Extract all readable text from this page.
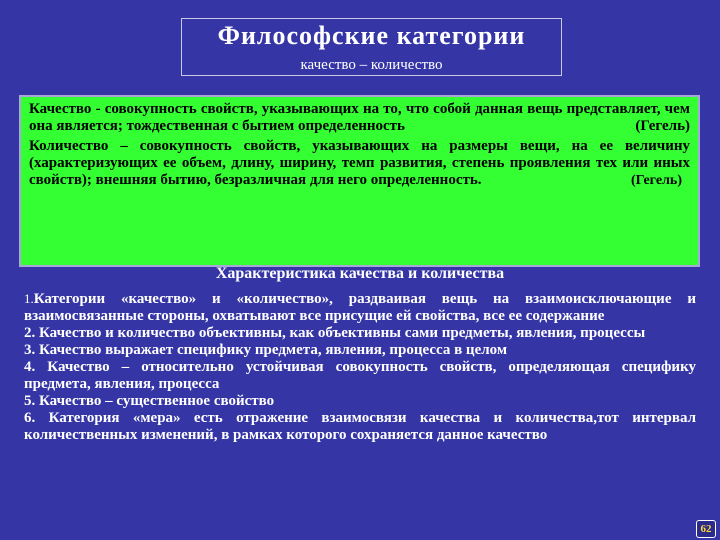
Философские категории
качество – количество

Качество - совокупность свойств, указывающих на то, что собой данная вещь представляет, чем она является; тождественная с бытием определенность	(Гегель)

Количество – совокупность свойств, указывающих на размеры вещи, на ее величину (характеризующих ее объем, длину, ширину, темп развития, степень проявления тех или иных свойств); внешняя бытию, безразличная для него определенность.	(Гегель)

Характеристика качества и количества

1.Категории «качество» и «количество», раздваивая вещь на взаимоисключающие и взаимосвязанные стороны, охватывают все присущие ей свойства, все ее содержание

2. Качество и количество объективны, как объективны сами предметы, явления, процессы

3. Качество выражает специфику предмета, явления, процесса в целом

4. Качество – относительно устойчивая совокупность свойств, определяющая специфику предмета, явления, процесса

5. Качество – существенное свойство

6. Категория «мера» есть отражение взаимосвязи качества и количества,тот интервал количественных изменений, в рамках которого сохраняется данное качество

62
